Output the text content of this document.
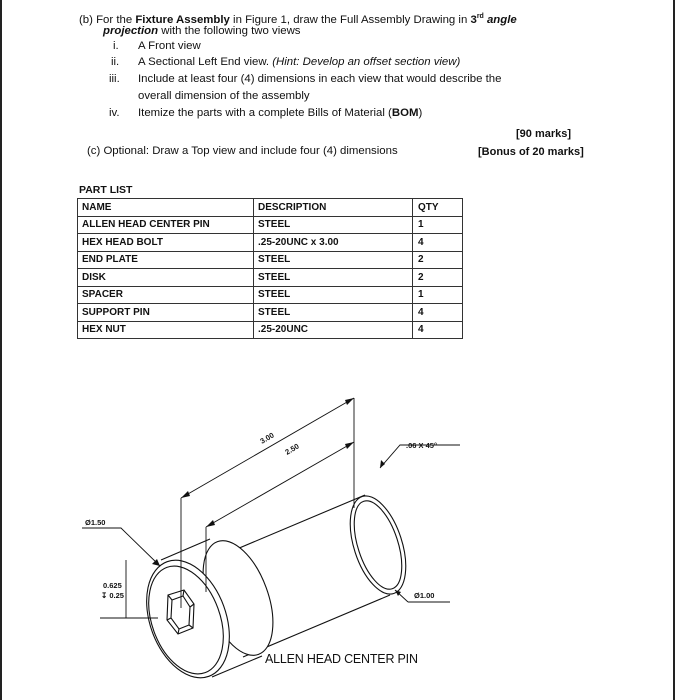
(b) For the Fixture Assembly in Figure 1, draw the Full Assembly Drawing in 3rd angle
projection with the following two views
i. A Front view
ii. A Sectional Left End view. (Hint: Develop an offset section view)
iii. Include at least four (4) dimensions in each view that would describe the
overall dimension of the assembly
iv. Itemize the parts with a complete Bills of Material (BOM)
[90 marks]
(c) Optional: Draw a Top view and include four (4) dimensions	[Bonus of 20 marks]
PART LIST
NAME	DESCRIPTION	QTY
ALLEN HEAD CENTER PIN	STEEL	1
HEX HEAD BOLT	.25-20UNC x 3.00	4
END PLATE	STEEL	2
DISK	STEEL	2
SPACER	STEEL	1
SUPPORT PIN	STEEL	4
HEX NUT	.25-20UNC	4
3.00
2.50	.06 X 45°
Ø1.50
0.625
↧ 0.25	Ø1.00
ALLEN HEAD CENTER PIN
